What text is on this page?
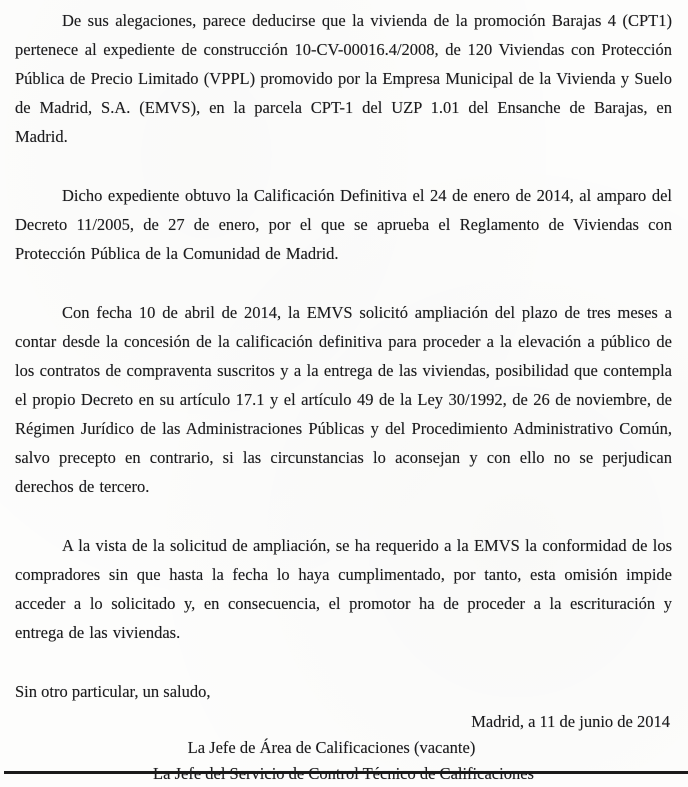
De sus alegaciones, parece deducirse que la vivienda de la promoción Barajas 4 (CPT1) pertenece al expediente de construcción 10-CV-00016.4/2008, de 120 Viviendas con Protección Pública de Precio Limitado (VPPL) promovido por la Empresa Municipal de la Vivienda y Suelo de Madrid, S.A. (EMVS), en la parcela CPT-1 del UZP 1.01 del Ensanche de Barajas, en Madrid.

Dicho expediente obtuvo la Calificación Definitiva el 24 de enero de 2014, al amparo del Decreto 11/2005, de 27 de enero, por el que se aprueba el Reglamento de Viviendas con Protección Pública de la Comunidad de Madrid.

Con fecha 10 de abril de 2014, la EMVS solicitó ampliación del plazo de tres meses a contar desde la concesión de la calificación definitiva para proceder a la elevación a público de los contratos de compraventa suscritos y a la entrega de las viviendas, posibilidad que contempla el propio Decreto en su artículo 17.1 y el artículo 49 de la Ley 30/1992, de 26 de noviembre, de Régimen Jurídico de las Administraciones Públicas y del Procedimiento Administrativo Común, salvo precepto en contrario, si las circunstancias lo aconsejan y con ello no se perjudican derechos de tercero.

A la vista de la solicitud de ampliación, se ha requerido a la EMVS la conformidad de los compradores sin que hasta la fecha lo haya cumplimentado, por tanto, esta omisión impide acceder a lo solicitado y, en consecuencia, el promotor ha de proceder a la escrituración y entrega de las viviendas.

Sin otro particular, un saludo,

Madrid, a 11 de junio de 2014

La Jefe de Área de Calificaciones (vacante)
